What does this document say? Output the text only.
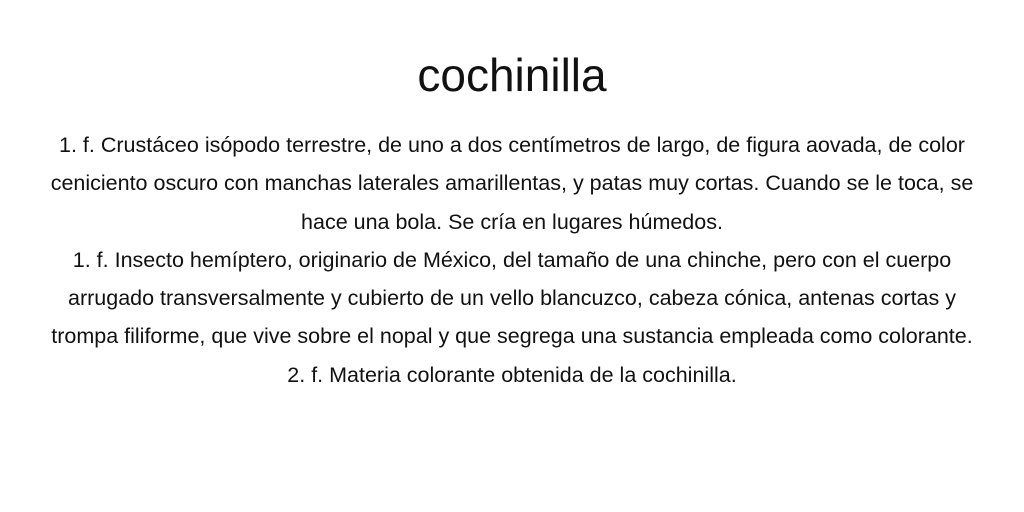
cochinilla
1. f. Crustáceo isópodo terrestre, de uno a dos centímetros de largo, de figura aovada, de color ceniciento oscuro con manchas laterales amarillentas, y patas muy cortas. Cuando se le toca, se hace una bola. Se cría en lugares húmedos.
1. f. Insecto hemíptero, originario de México, del tamaño de una chinche, pero con el cuerpo arrugado transversalmente y cubierto de un vello blancuzco, cabeza cónica, antenas cortas y trompa filiforme, que vive sobre el nopal y que segrega una sustancia empleada como colorante.
2. f. Materia colorante obtenida de la cochinilla.
